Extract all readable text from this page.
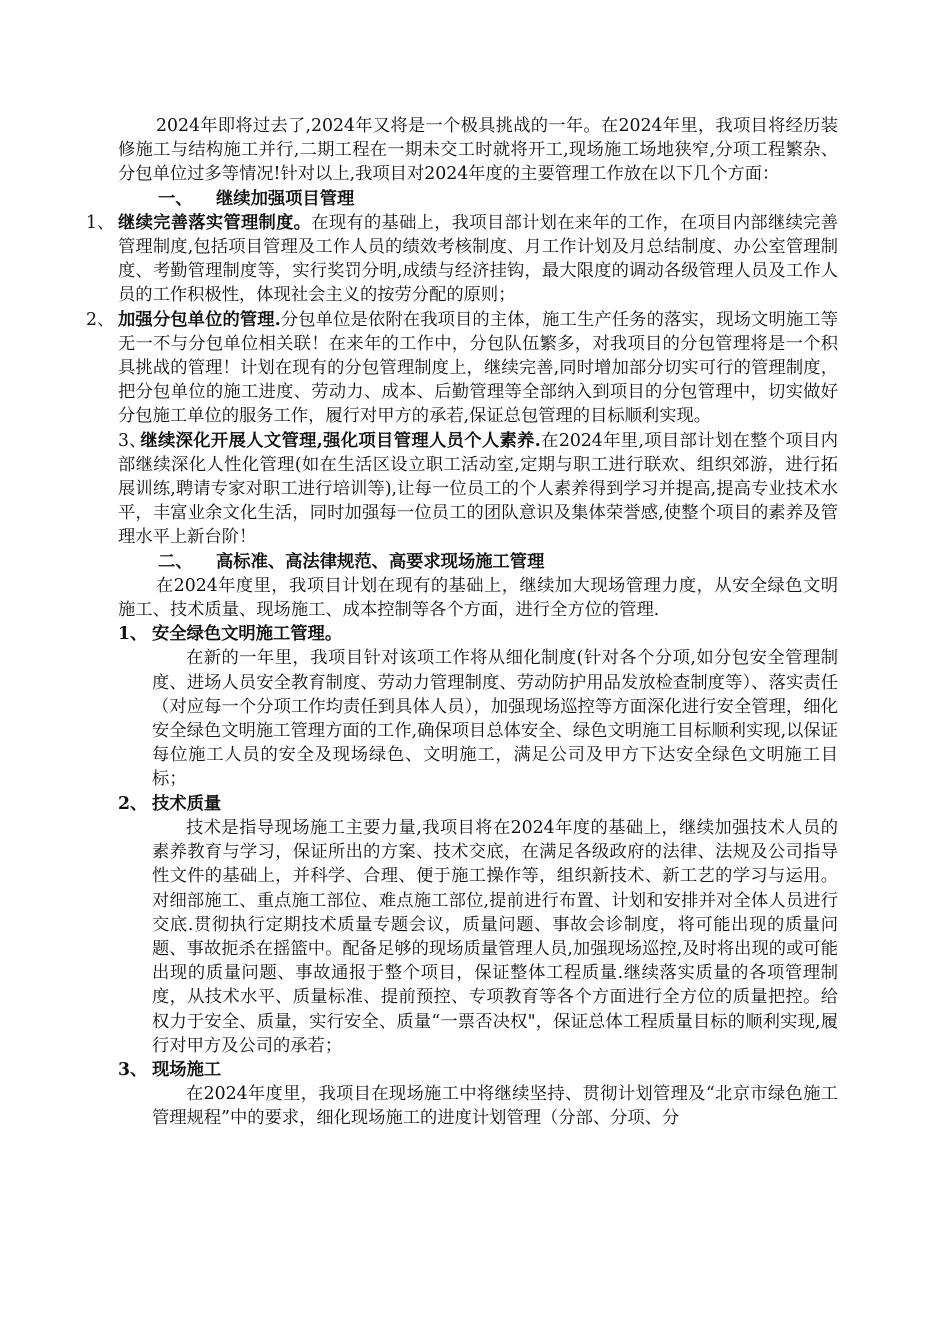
2024年即将过去了,2024年又将是一个极具挑战的一年。在2024年里，我项目将经历装修施工与结构施工并行,二期工程在一期未交工时就将开工,现场施工场地狭窄,分项工程繁杂、分包单位过多等情况!针对以上,我项目对2024年度的主要管理工作放在以下几个方面：

一、 继续加强项目管理

1、 继续完善落实管理制度。在现有的基础上，我项目部计划在来年的工作，在项目内部继续完善管理制度,包括项目管理及工作人员的绩效考核制度、月工作计划及月总结制度、办公室管理制度、考勤管理制度等，实行奖罚分明,成绩与经济挂钩，最大限度的调动各级管理人员及工作人员的工作积极性，体现社会主义的按劳分配的原则；

2、 加强分包单位的管理.分包单位是依附在我项目的主体，施工生产任务的落实，现场文明施工等无一不与分包单位相关联！在来年的工作中，分包队伍繁多，对我项目的分包管理将是一个积具挑战的管理！计划在现有的分包管理制度上，继续完善,同时增加部分切实可行的管理制度，把分包单位的施工进度、劳动力、成本、后勤管理等全部纳入到项目的分包管理中，切实做好分包施工单位的服务工作，履行对甲方的承若,保证总包管理的目标顺利实现。

3、继续深化开展人文管理,强化项目管理人员个人素养.在2024年里,项目部计划在整个项目内部继续深化人性化管理(如在生活区设立职工活动室,定期与职工进行联欢、组织郊游，进行拓展训练,聘请专家对职工进行培训等),让每一位员工的个人素养得到学习并提高,提高专业技术水平，丰富业余文化生活，同时加强每一位员工的团队意识及集体荣誉感,使整个项目的素养及管理水平上新台阶！

二、 高标准、高法律规范、高要求现场施工管理

在2024年度里，我项目计划在现有的基础上，继续加大现场管理力度，从安全绿色文明施工、技术质量、现场施工、成本控制等各个方面，进行全方位的管理.

1、 安全绿色文明施工管理。

在新的一年里，我项目针对该项工作将从细化制度(针对各个分项,如分包安全管理制度、进场人员安全教育制度、劳动力管理制度、劳动防护用品发放检查制度等）、落实责任（对应每一个分项工作均责任到具体人员），加强现场巡控等方面深化进行安全管理，细化安全绿色文明施工管理方面的工作,确保项目总体安全、绿色文明施工目标顺利实现,以保证每位施工人员的安全及现场绿色、文明施工，满足公司及甲方下达安全绿色文明施工目标；

2、 技术质量

技术是指导现场施工主要力量,我项目将在2024年度的基础上，继续加强技术人员的素养教育与学习，保证所出的方案、技术交底，在满足各级政府的法律、法规及公司指导性文件的基础上，并科学、合理、便于施工操作等，组织新技术、新工艺的学习与运用。对细部施工、重点施工部位、难点施工部位,提前进行布置、计划和安排并对全体人员进行交底.贯彻执行定期技术质量专题会议，质量问题、事故会诊制度，将可能出现的质量问题、事故扼杀在摇篮中。配备足够的现场质量管理人员,加强现场巡控,及时将出现的或可能出现的质量问题、事故通报于整个项目，保证整体工程质量.继续落实质量的各项管理制度，从技术水平、质量标准、提前预控、专项教育等各个方面进行全方位的质量把控。给权力于安全、质量，实行安全、质量“一票否决权"，保证总体工程质量目标的顺利实现,履行对甲方及公司的承若；

3、 现场施工

在2024年度里，我项目在现场施工中将继续坚持、贯彻计划管理及“北京市绿色施工管理规程”中的要求，细化现场施工的进度计划管理（分部、分项、分
